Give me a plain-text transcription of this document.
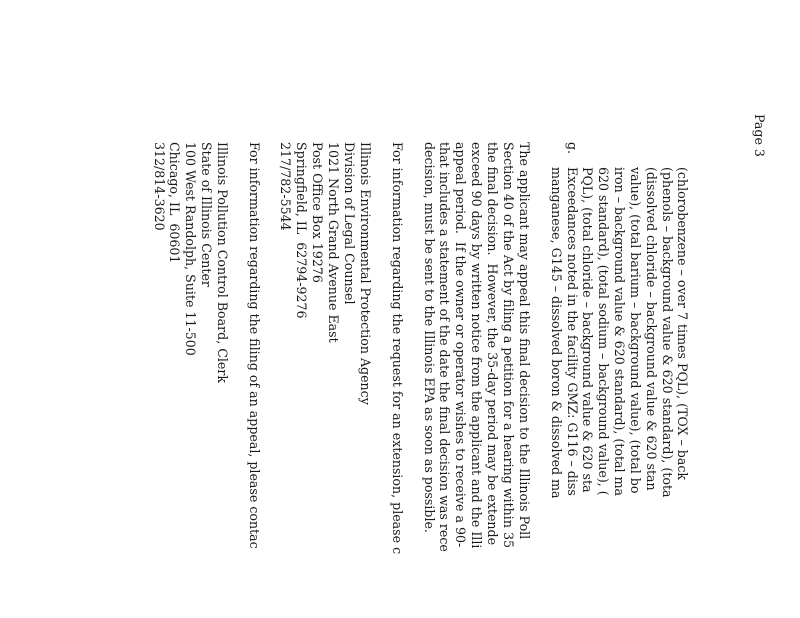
Page 3
(chlorobenzene – over 7 times PQL), (TOX – back
(phenols – background value & 620 standard), (tota
(dissolved chloride – background value & 620 stan
value), (total barium – background value), (total bo
iron – background value & 620 standard), (total ma
620 standard), (total sodium – background value), (
PQL), (total chloride – background value & 620 sta
g.
Exceedances noted in the facility GMZ: G116 – diss
manganese, G145 – dissolved boron & dissolved ma
The applicant may appeal this final decision to the Illinois Poll
Section 40 of the Act by filing a petition for a hearing within 35
the final decision.  However, the 35-day period may be extende
exceed 90 days by written notice from the applicant and the Illi
appeal period.  If the owner or operator wishes to receive a 90-
that includes a statement of the date the final decision was rece
decision, must be sent to the Illinois EPA as soon as possible.
For information regarding the request for an extension, please c
Illinois Environmental Protection Agency
Division of Legal Counsel
1021 North Grand Avenue East
Post Office Box 19276
Springfield, IL  62794-9276
217/782-5544
For information regarding the filing of an appeal, please contac
Illinois Pollution Control Board, Clerk
State of Illinois Center
100 West Randolph, Suite 11-500
Chicago, IL  60601
312/814-3620
